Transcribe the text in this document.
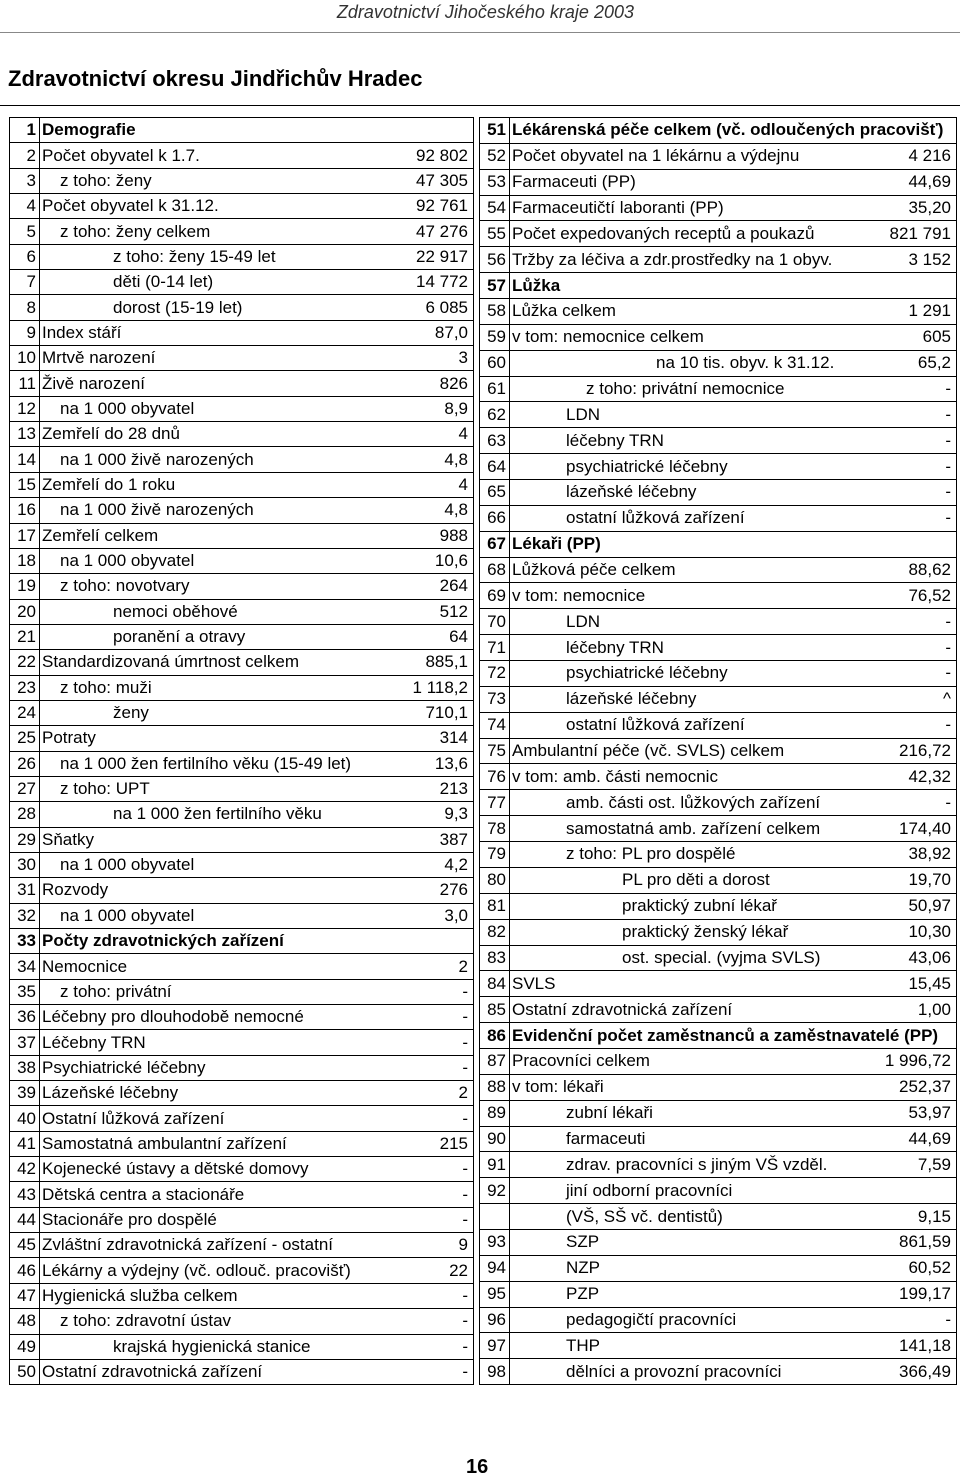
Zdravotnictví Jihočeského kraje 2003
Zdravotnictví okresu Jindřichův Hradec
1	Demografie	
2	Počet obyvatel k 1.7.	92 802
3	z toho: ženy	47 305
4	Počet obyvatel k 31.12.	92 761
5	z toho: ženy celkem	47 276
6	z toho: ženy 15-49 let	22 917
7	děti (0-14 let)	14 772
8	dorost (15-19 let)	6 085
9	Index stáří	87,0
10	Mrtvě narození	3
11	Živě narození	826
12	na 1 000 obyvatel	8,9
13	Zemřelí do 28 dnů	4
14	na 1 000 živě narozených	4,8
15	Zemřelí do 1 roku	4
16	na 1 000 živě narozených	4,8
17	Zemřelí celkem	988
18	na 1 000 obyvatel	10,6
19	z toho: novotvary	264
20	nemoci oběhové	512
21	poranění a otravy	64
22	Standardizovaná úmrtnost celkem	885,1
23	z toho: muži	1 118,2
24	ženy	710,1
25	Potraty	314
26	na 1 000 žen fertilního věku (15-49 let)	13,6
27	z toho: UPT	213
28	na 1 000 žen fertilního věku	9,3
29	Sňatky	387
30	na 1 000 obyvatel	4,2
31	Rozvody	276
32	na 1 000 obyvatel	3,0
33	Počty zdravotnických zařízení	
34	Nemocnice	2
35	z toho: privátní	-
36	Léčebny pro dlouhodobě nemocné	-
37	Léčebny TRN	-
38	Psychiatrické léčebny	-
39	Lázeňské léčebny	2
40	Ostatní lůžková zařízení	-
41	Samostatná ambulantní zařízení	215
42	Kojenecké ústavy a dětské domovy	-
43	Dětská centra a stacionáře	-
44	Stacionáře pro dospělé	-
45	Zvláštní zdravotnická zařízení - ostatní	9
46	Lékárny a výdejny (vč. odlouč. pracovišť)	22
47	Hygienická služba celkem	-
48	z toho: zdravotní ústav	-
49	krajská hygienická stanice	-
50	Ostatní zdravotnická zařízení	-
51	Lékárenská péče celkem (vč. odloučených pracovišť)	
52	Počet obyvatel na 1 lékárnu a výdejnu	4 216
53	Farmaceuti (PP)	44,69
54	Farmaceutičtí laboranti (PP)	35,20
55	Počet expedovaných receptů a poukazů	821 791
56	Tržby za léčiva a zdr.prostředky na 1 obyv.	3 152
57	Lůžka	
58	Lůžka celkem	1 291
59	v tom: nemocnice celkem	605
60	na 10 tis. obyv. k 31.12.	65,2
61	z toho: privátní nemocnice	-
62	LDN	-
63	léčebny TRN	-
64	psychiatrické léčebny	-
65	lázeňské léčebny	-
66	ostatní lůžková zařízení	-
67	Lékaři (PP)	
68	Lůžková péče celkem	88,62
69	v tom: nemocnice	76,52
70	LDN	-
71	léčebny TRN	-
72	psychiatrické léčebny	-
73	lázeňské léčebny	^
74	ostatní lůžková zařízení	-
75	Ambulantní péče (vč. SVLS) celkem	216,72
76	v tom: amb. části nemocnic	42,32
77	amb. části ost. lůžkových zařízení	-
78	samostatná amb. zařízení celkem	174,40
79	z toho: PL pro dospělé	38,92
80	PL pro děti a dorost	19,70
81	praktický zubní lékař	50,97
82	praktický ženský lékař	10,30
83	ost. special. (vyjma SVLS)	43,06
84	SVLS	15,45
85	Ostatní zdravotnická zařízení	1,00
86	Evidenční počet zaměstnanců a zaměstnavatelé (PP)	
87	Pracovníci celkem	1 996,72
88	v tom: lékaři	252,37
89	zubní lékaři	53,97
90	farmaceuti	44,69
91	zdrav. pracovníci s jiným VŠ vzděl.	7,59
92	jiní odborní pracovníci	
	(VŠ, SŠ vč. dentistů)	9,15
93	SZP	861,59
94	NZP	60,52
95	PZP	199,17
96	pedagogičtí pracovníci	-
97	THP	141,18
98	dělníci a provozní pracovníci	366,49
16
